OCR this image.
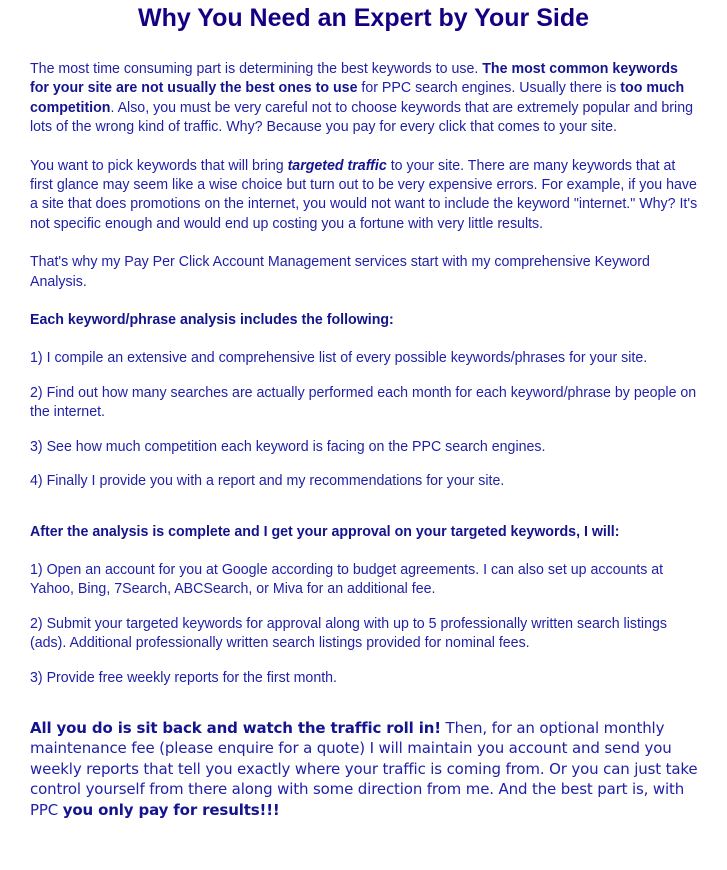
Why You Need an Expert by Your Side

The most time consuming part is determining the best keywords to use. The most common keywords for your site are not usually the best ones to use for PPC search engines. Usually there is too much competition. Also, you must be very careful not to choose keywords that are extremely popular and bring lots of the wrong kind of traffic. Why? Because you pay for every click that comes to your site.

You want to pick keywords that will bring targeted traffic to your site. There are many keywords that at first glance may seem like a wise choice but turn out to be very expensive errors. For example, if you have a site that does promotions on the internet, you would not want to include the keyword "internet." Why? It's not specific enough and would end up costing you a fortune with very little results.

That's why my Pay Per Click Account Management services start with my comprehensive Keyword Analysis.

Each keyword/phrase analysis includes the following:

1) I compile an extensive and comprehensive list of every possible keywords/phrases for your site.

2) Find out how many searches are actually performed each month for each keyword/phrase by people on the internet.

3) See how much competition each keyword is facing on the PPC search engines.

4) Finally I provide you with a report and my recommendations for your site.

After the analysis is complete and I get your approval on your targeted keywords, I will:

1) Open an account for you at Google according to budget agreements. I can also set up accounts at Yahoo, Bing, 7Search, ABCSearch, or Miva for an additional fee.

2) Submit your targeted keywords for approval along with up to 5 professionally written search listings (ads). Additional professionally written search listings provided for nominal fees.

3) Provide free weekly reports for the first month.

All you do is sit back and watch the traffic roll in! Then, for an optional monthly maintenance fee (please enquire for a quote) I will maintain you account and send you weekly reports that tell you exactly where your traffic is coming from. Or you can just take control yourself from there along with some direction from me. And the best part is, with PPC you only pay for results!!!
